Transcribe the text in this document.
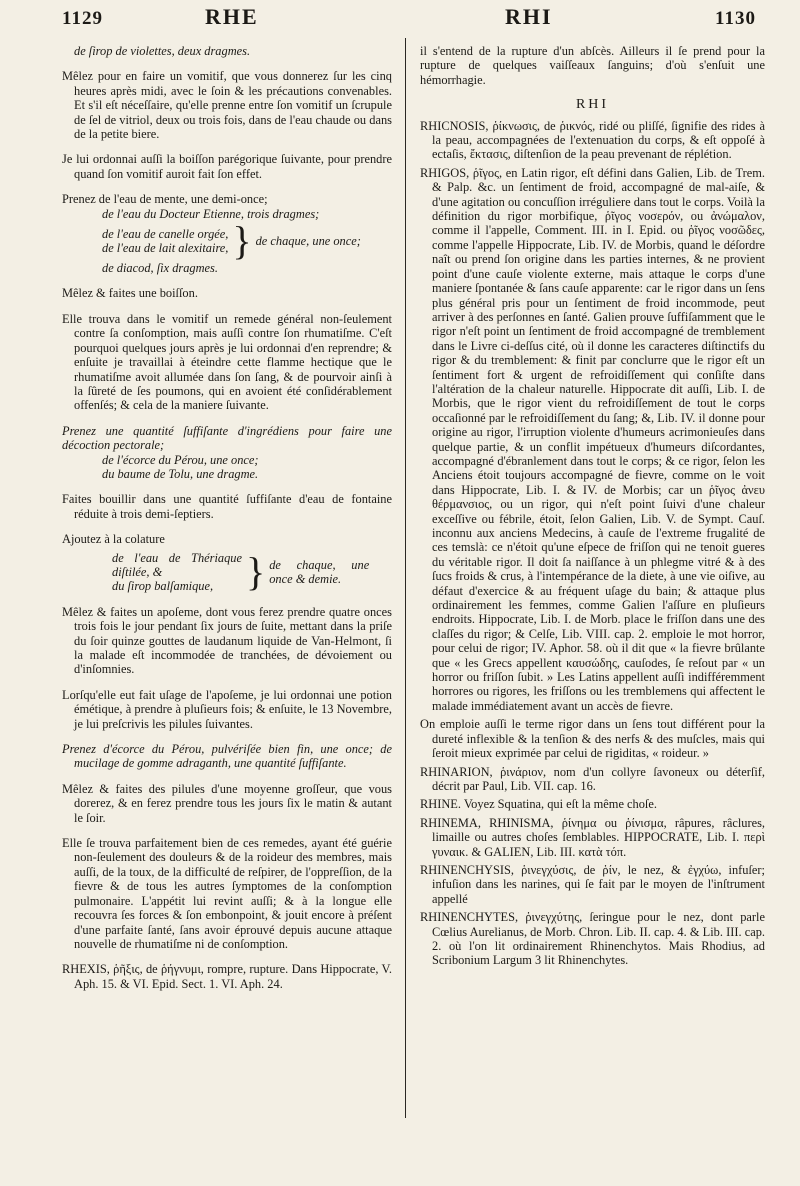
1129	RHE	RHI	1130

de ſirop de violettes, deux dragmes.

Mêlez pour en faire un vomitif, que vous donnerez ſur les cinq heures après midi, avec le ſoin & les précautions convenables. Et s'il eſt néceſſaire, qu'elle prenne entre ſon vomitif un ſcrupule de ſel de vitriol, deux ou trois fois, dans de l'eau chaude ou dans de la petite biere.

Je lui ordonnai auſſi la boiſſon parégorique ſuivante, pour prendre quand ſon vomitif auroit fait ſon effet.

Prenez de l'eau de mente, une demi-once;
de l'eau du Docteur Etienne, trois dragmes;
de l'eau de canelle orgée,
de l'eau de lait alexitaire, } de chaque, une once;
de diacod, ſix dragmes.

Mêlez & faites une boiſſon.

Elle trouva dans le vomitif un remede général non-ſeulement contre ſa conſomption, mais auſſi contre ſon rhumatiſme. C'eſt pourquoi quelques jours après je lui ordonnai d'en reprendre; & enſuite je travaillai à éteindre cette flamme hectique que le rhumatiſme avoit allumée dans ſon ſang, & de pourvoir ainſi à la ſûreté de ſes poumons, qui en avoient été conſidérablement offenſés; & cela de la maniere ſuivante.

Prenez une quantité ſuffiſante d'ingrédiens pour faire une décoction pectorale;
de l'écorce du Pérou, une once;
du baume de Tolu, une dragme.

Faites bouillir dans une quantité ſuffiſante d'eau de fontaine réduite à trois demi-ſeptiers.

Ajoutez à la colature

de l'eau de Thériaque diſtilée, &
du ſirop balſamique, } de chaque, une once & demie.

Mêlez & faites un apoſeme, dont vous ferez prendre quatre onces trois fois le jour pendant ſix jours de ſuite, mettant dans la priſe du ſoir quinze gouttes de laudanum liquide de Van-Helmont, ſi la malade eſt incommodée de tranchées, de dévoiement ou d'inſomnies.

Lorſqu'elle eut fait uſage de l'apoſeme, je lui ordonnai une potion émétique, à prendre à pluſieurs fois; & enſuite, le 13 Novembre, je lui preſcrivis les pilules ſuivantes.

Prenez d'écorce du Pérou, pulvériſée bien fin, une once; de mucilage de gomme adraganth, une quantité ſuffiſante.

Mêlez & faites des pilules d'une moyenne groſſeur, que vous dorerez, & en ferez prendre tous les jours ſix le matin & autant le ſoir.

Elle ſe trouva parfaitement bien de ces remedes, ayant été guérie non-ſeulement des douleurs & de la roideur des membres, mais auſſi, de la toux, de la difficulté de reſpirer, de l'oppreſſion, de la fievre & de tous les autres ſymptomes de la conſomption pulmonaire. L'appétit lui revint auſſi; & à la longue elle recouvra ſes forces & ſon embonpoint, & jouit encore à préſent d'une parfaite ſanté, ſans avoir éprouvé depuis aucune attaque nouvelle de rhumatiſme ni de conſomption.

RHEXIS, ῥῆξις, de ῥήγνυμι, rompre, rupture. Dans Hippocrate, V. Aph. 15. & VI. Epid. Sect. 1. VI. Aph. 24.

il s'entend de la rupture d'un abſcès. Ailleurs il ſe prend pour la rupture de quelques vaiſſeaux ſanguins; d'où s'enſuit une hémorrhagie.

RHI

RHICNOSIS, ῥίκνωσις, de ῥικνός, ridé ou pliſſé, ſignifie des rides à la peau, accompagnées de l'extenuation du corps, & eſt oppoſé à ectaſis, ἔκτασις, diſtenſion de la peau prevenant de réplétion.

RHIGOS, ῥῖγος, en Latin rigor, eſt défini dans Galien, Lib. de Trem. & Palp. &c. un ſentiment de froid, accompagné de mal-aiſe, & d'une agitation ou concuſſion irréguliere dans tout le corps. Voilà la définition du rigor morbifique, ῥῖγος νοσερόν, ou ἀνώμαλον, comme il l'appelle, Comment. III. in I. Epid. ou ῥῖγος νοσῶδες, comme l'appelle Hippocrate, Lib. IV. de Morbis, quand le déſordre naît ou prend ſon origine dans les parties internes, & ne provient point d'une cauſe violente externe, mais attaque le corps d'une maniere ſpontanée & ſans cauſe apparente: car le rigor dans un ſens plus général pris pour un ſentiment de froid incommode, peut arriver à des perſonnes en ſanté. Galien prouve ſuffiſamment que le rigor n'eſt point un ſentiment de froid accompagné de tremblement dans le Livre ci-deſſus cité, où il donne les caracteres diſtinctifs du rigor & du tremblement: & finit par conclurre que le rigor eſt un ſentiment fort & urgent de refroidiſſement qui conſiſte dans l'altération de la chaleur naturelle. Hippocrate dit auſſi, Lib. I. de Morbis, que le rigor vient du refroidiſſement de tout le corps occaſionné par le refroidiſſement du ſang; &, Lib. IV. il donne pour origine au rigor, l'irruption violente d'humeurs acrimonieuſes dans quelque partie, & un conflit impétueux d'humeurs diſcordantes, accompagné d'ébranlement dans tout le corps; & ce rigor, ſelon les Anciens étoit toujours accompagné de fievre, comme on le voit dans Hippocrate, Lib. I. & IV. de Morbis; car un ῥῖγος ἀνευ θέρμανσιος, ou un rigor, qui n'eſt point ſuivi d'une chaleur exceſſive ou fébrile, étoit, ſelon Galien, Lib. V. de Sympt. Cauſ. inconnu aux anciens Medecins, à cauſe de l'extreme frugalité de ces temslà: ce n'étoit qu'une eſpece de friſſon qui ne tenoit gueres du véritable rigor. Il doit ſa naiſſance à un phlegme vitré & à des ſucs froids & crus, à l'intempérance de la diete, à une vie oiſive, au défaut d'exercice & au fréquent uſage du bain; & attaque plus ordinairement les femmes, comme Galien l'aſſure en pluſieurs endroits. Hippocrate, Lib. I. de Morb. place le friſſon dans une des claſſes du rigor; & Celſe, Lib. VIII. cap. 2. emploie le mot horror, pour celui de rigor; IV. Aphor. 58. où il dit que « la fievre brûlante que « les Grecs appellent καυσώδης, cauſodes, ſe reſout par « un horror ou friſſon ſubit. » Les Latins appellent auſſi indifféremment horrores ou rigores, les friſſons ou les tremblemens qui affectent le malade immédiatement avant un accès de fievre.

On emploie auſſi le terme rigor dans un ſens tout différent pour la dureté inflexible & la tenſion & des nerfs & des muſcles, mais qui ſeroit mieux exprimée par celui de rigiditas, « roideur. »

RHINARION, ῥινάριον, nom d'un collyre ſavoneux ou déterſif, décrit par Paul, Lib. VII. cap. 16.

RHINE. Voyez Squatina, qui eſt la même choſe.

RHINEMA, RHINISMA, ῥίνημα ou ῥίνισμα, râpures, râclures, limaille ou autres choſes ſemblables. HIPPOCRATE, Lib. I. περὶ γυναικ. & GALIEN, Lib. III. κατὰ τόπ.

RHINENCHYSIS, ῥινεγχύσις, de ῥίν, le nez, & ἐγχύω, infuſer; infuſion dans les narines, qui ſe fait par le moyen de l'inſtrument appellé

RHINENCHYTES, ῥινεγχύτης, ſeringue pour le nez, dont parle Cœlius Aurelianus, de Morb. Chron. Lib. II. cap. 4. & Lib. III. cap. 2. où l'on lit ordinairement Rhinenchytos. Mais Rhodius, ad Scribonium Largum 3 lit Rhinenchytes.
